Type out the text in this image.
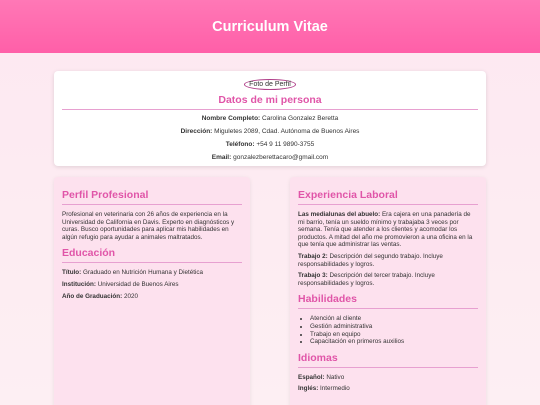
Curriculum Vitae
Foto de Perfil
Datos de mi persona
Nombre Completo: Carolina Gonzalez Beretta
Dirección: Miguletes 2089, Cdad. Autónoma de Buenos Aires
Teléfono: +54 9 11 9890-3755
Email: gonzalezberettacaro@gmail.com
Perfil Profesional

Profesional en veterinaria con 26 años de experiencia en la Universidad de California en Davis. Experto en diagnósticos y curas. Busco oportunidades para aplicar mis habilidades en algún refugio para ayudar a animales maltratados.

Educación

Título: Graduado en Nutrición Humana y Dietética

Institución: Universidad de Buenos Aires

Año de Graduación: 2020

Experiencia Laboral

Las medialunas del abuelo: Era cajera en una panadería de mi barrio, tenía un sueldo mínimo y trabajaba 3 veces por semana. Tenía que atender a los clientes y acomodar los productos. A mitad del año me promovieron a una oficina en la que tenía que administrar las ventas.

Trabajo 2: Descripción del segundo trabajo. Incluye responsabilidades y logros.

Trabajo 3: Descripción del tercer trabajo. Incluye responsabilidades y logros.

Habilidades
• Atención al cliente
• Gestión administrativa
• Trabajo en equipo
• Capacitación en primeros auxilios
Idiomas

Español: Nativo

Inglés: Intermedio
